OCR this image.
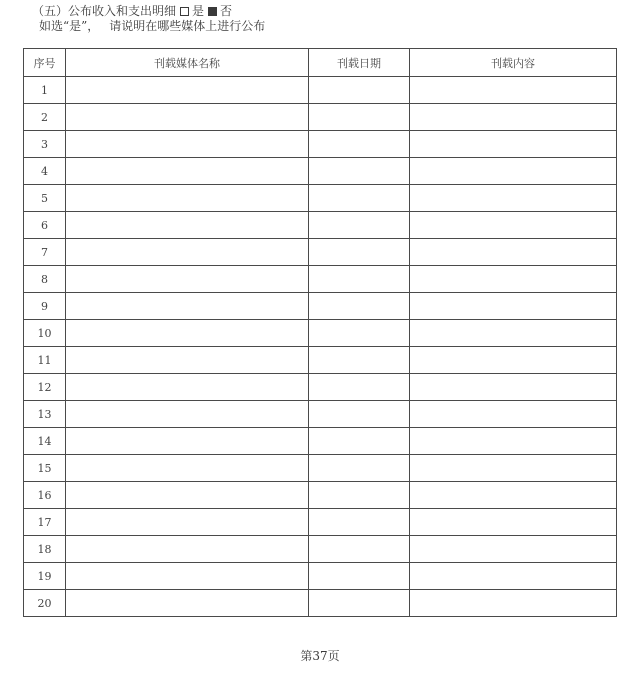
（五）公布收入和支出明细 是 否
如选“是”， 请说明在哪些媒体上进行公布
序号	刊载媒体名称	刊载日期	刊载内容
1			
2			
3			
4			
5			
6			
7			
8			
9			
10			
11			
12			
13			
14			
15			
16			
17			
18			
19			
20			
第37页
